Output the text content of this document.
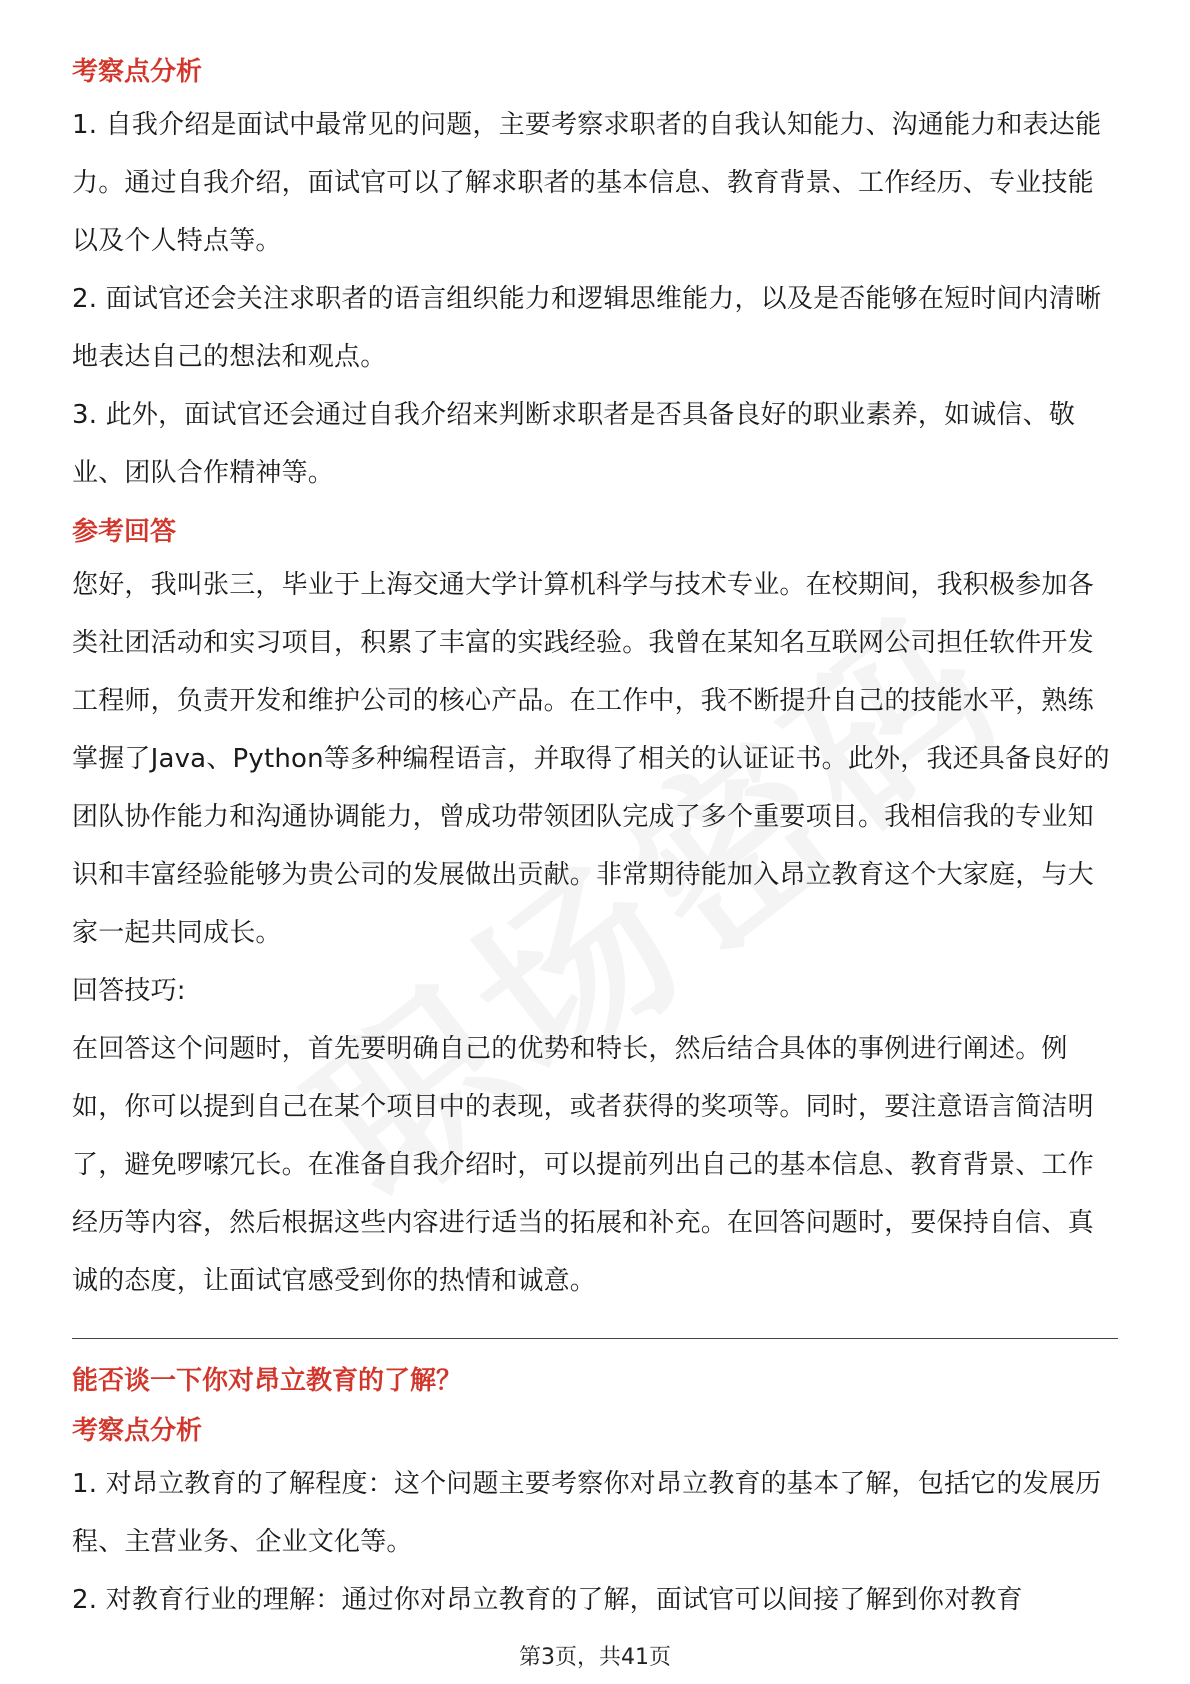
考察点分析

1. 自我介绍是面试中最常见的问题，主要考察求职者的自我认知能力、沟通能力和表达能力。通过自我介绍，面试官可以了解求职者的基本信息、教育背景、工作经历、专业技能以及个人特点等。

2. 面试官还会关注求职者的语言组织能力和逻辑思维能力，以及是否能够在短时间内清晰地表达自己的想法和观点。

3. 此外，面试官还会通过自我介绍来判断求职者是否具备良好的职业素养，如诚信、敬业、团队合作精神等。

参考回答

您好，我叫张三，毕业于上海交通大学计算机科学与技术专业。在校期间，我积极参加各类社团活动和实习项目，积累了丰富的实践经验。我曾在某知名互联网公司担任软件开发工程师，负责开发和维护公司的核心产品。在工作中，我不断提升自己的技能水平，熟练掌握了Java、Python等多种编程语言，并取得了相关的认证证书。此外，我还具备良好的团队协作能力和沟通协调能力，曾成功带领团队完成了多个重要项目。我相信我的专业知识和丰富经验能够为贵公司的发展做出贡献。非常期待能加入昂立教育这个大家庭，与大家一起共同成长。

回答技巧:

在回答这个问题时，首先要明确自己的优势和特长，然后结合具体的事例进行阐述。例如，你可以提到自己在某个项目中的表现，或者获得的奖项等。同时，要注意语言简洁明了，避免啰嗦冗长。在准备自我介绍时，可以提前列出自己的基本信息、教育背景、工作经历等内容，然后根据这些内容进行适当的拓展和补充。在回答问题时，要保持自信、真诚的态度，让面试官感受到你的热情和诚意。

能否谈一下你对昂立教育的了解？
考察点分析

1. 对昂立教育的了解程度：这个问题主要考察你对昂立教育的基本了解，包括它的发展历程、主营业务、企业文化等。

2. 对教育行业的理解：通过你对昂立教育的了解，面试官可以间接了解到你对教育

第3页，共41页
